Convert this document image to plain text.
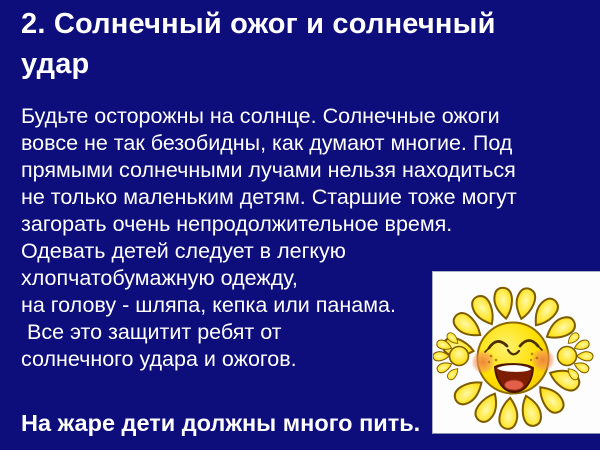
2. Солнечный ожог и солнечный удар
Будьте осторожны на солнце. Солнечные ожоги
вовсе не так безобидны, как думают многие. Под
прямыми солнечными лучами нельзя находиться
не только маленьким детям. Старшие тоже могут
загорать очень непродолжительное время.
Одевать детей следует в легкую
хлопчатобумажную одежду,
на голову - шляпа, кепка или панама.
Все это защитит ребят от
солнечного удара и ожогов.
На жаре дети должны много пить.
